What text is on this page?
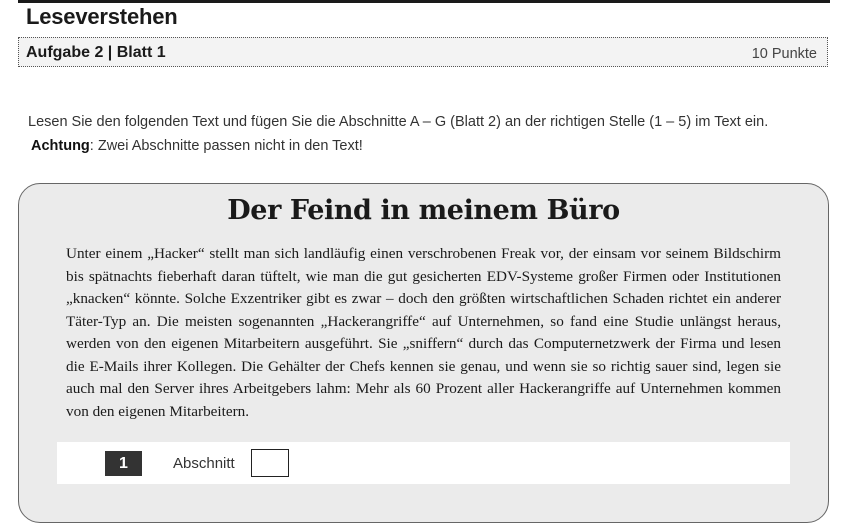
Leseverstehen
Aufgabe 2 | Blatt 1	10 Punkte

Lesen Sie den folgenden Text und fügen Sie die Abschnitte A – G (Blatt 2) an der richtigen Stelle (1 – 5) im Text ein.

Achtung: Zwei Abschnitte passen nicht in den Text!

Der Feind in meinem Büro

Unter einem „Hacker“ stellt man sich landläufig einen verschrobenen Freak vor, der einsam vor seinem Bildschirm bis spätnachts fieberhaft daran tüftelt, wie man die gut gesicherten EDV-Systeme großer Firmen oder Institutionen „knacken“ könnte. Solche Exzentriker gibt es zwar – doch den größten wirtschaftlichen Schaden richtet ein anderer Täter-Typ an. Die meisten sogenannten „Hackerangriffe“ auf Unternehmen, so fand eine Studie unlängst heraus, werden von den eigenen Mitarbeitern ausgeführt. Sie „sniffern“ durch das Computernetzwerk der Firma und lesen die E-Mails ihrer Kollegen. Die Gehälter der Chefs kennen sie genau, und wenn sie so richtig sauer sind, legen sie auch mal den Server ihres Arbeitgebers lahm: Mehr als 60 Prozent aller Hackerangriffe auf Unternehmen kommen von den eigenen Mitarbeitern.

1	Abschnitt
